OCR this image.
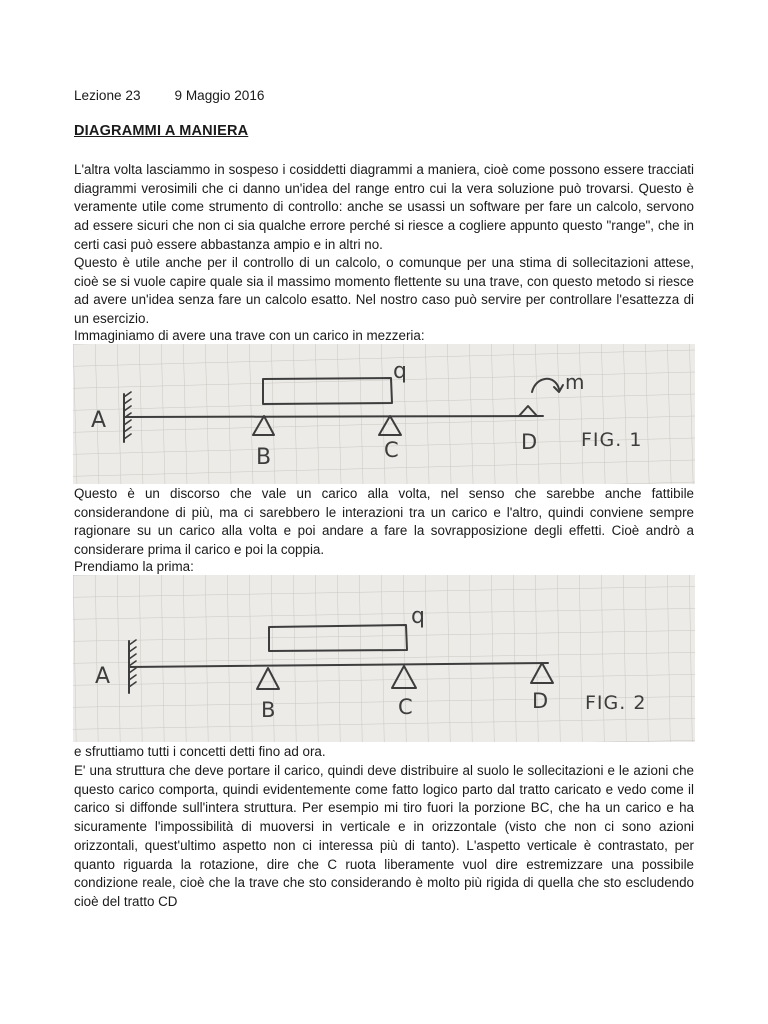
Lezione 23	9 Maggio 2016
DIAGRAMMI A MANIERA
L'altra volta lasciammo in sospeso i cosiddetti diagrammi a maniera, cioè come possono essere tracciati diagrammi verosimili che ci danno un'idea del range entro cui la vera soluzione può trovarsi. Questo è veramente utile come strumento di controllo: anche se usassi un software per fare un calcolo, servono ad essere sicuri che non ci sia qualche errore perché si riesce a cogliere appunto questo "range", che in certi casi può essere abbastanza ampio e in altri no.
Questo è utile anche per il controllo di un calcolo, o comunque per una stima di sollecitazioni attese, cioè se si vuole capire quale sia il massimo momento flettente su una trave, con questo metodo si riesce ad avere un'idea senza fare un calcolo esatto. Nel nostro caso può servire per controllare l'esattezza di un esercizio.
Immaginiamo di avere una trave con un carico in mezzeria:
A
B	C	D
q	m
FIG. 1
Questo è un discorso che vale un carico alla volta, nel senso che sarebbe anche fattibile considerandone di più, ma ci sarebbero le interazioni tra un carico e l'altro, quindi conviene sempre ragionare su un carico alla volta e poi andare a fare la sovrapposizione degli effetti. Cioè andrò a considerare prima il carico e poi la coppia.
Prendiamo la prima:
A
B	C	D
q
FIG. 2
e sfruttiamo tutti i concetti detti fino ad ora.
E' una struttura che deve portare il carico, quindi deve distribuire al suolo le sollecitazioni e le azioni che questo carico comporta, quindi evidentemente come fatto logico parto dal tratto caricato e vedo come il carico si diffonde sull'intera struttura. Per esempio mi tiro fuori la porzione BC, che ha un carico e ha sicuramente l'impossibilità di muoversi in verticale e in orizzontale (visto che non ci sono azioni orizzontali, quest'ultimo aspetto non ci interessa più di tanto). L'aspetto verticale è contrastato, per quanto riguarda la rotazione, dire che C ruota liberamente vuol dire estremizzare una possibile condizione reale, cioè che la trave che sto considerando è molto più rigida di quella che sto escludendo cioè del tratto CD
